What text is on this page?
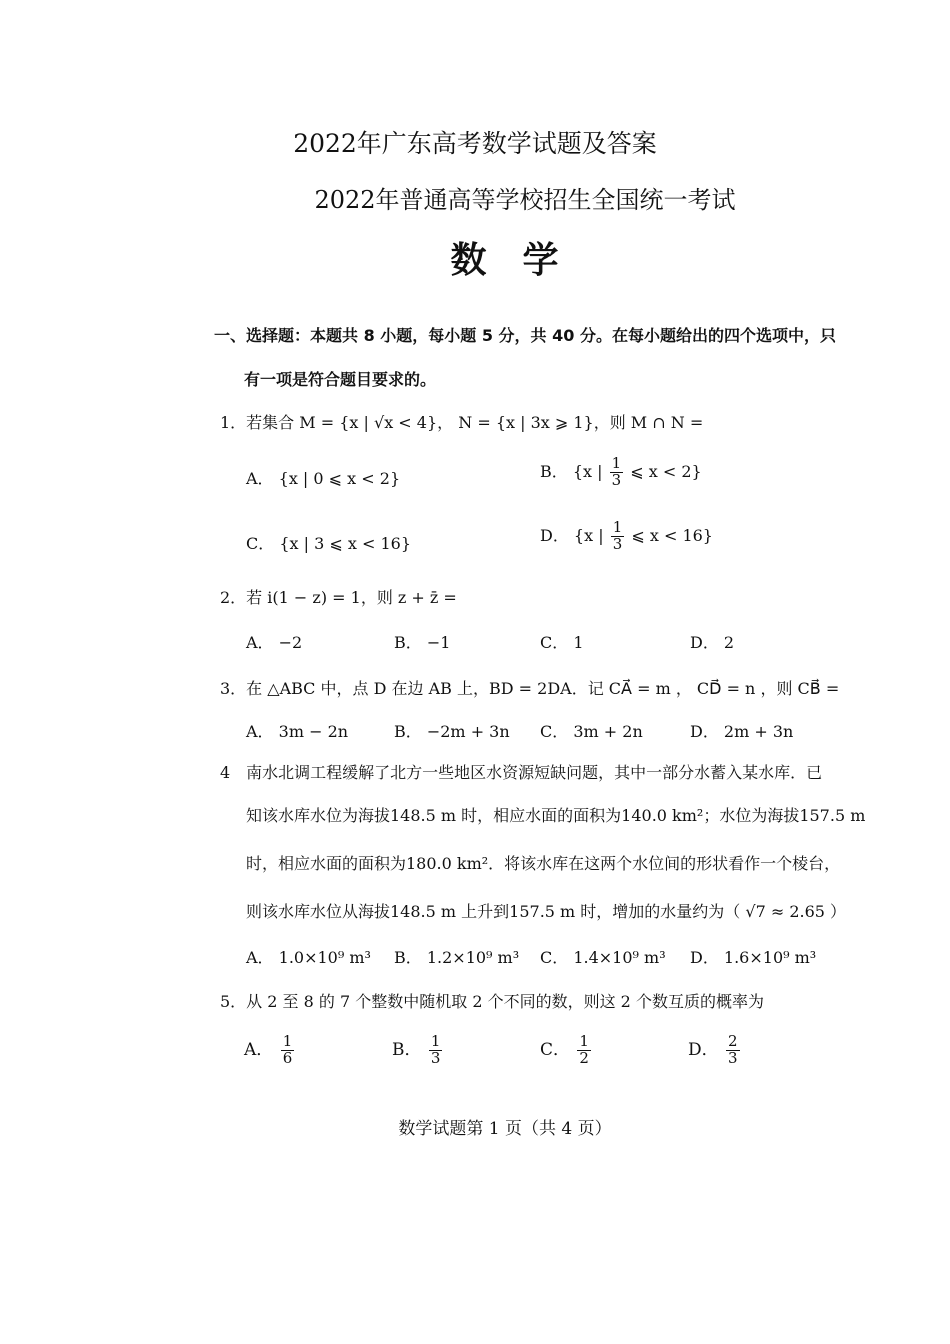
2022年广东高考数学试题及答案
2022年普通高等学校招生全国统一考试
数学
一、选择题：本题共 8 小题，每小题 5 分，共 40 分。在每小题给出的四个选项中，只
有一项是符合题目要求的。
1．若集合 M = {x | √x < 4}， N = {x | 3x ⩾ 1}，则 M ∩ N =
A． {x | 0 ⩽ x < 2}	B． {x | $\frac{1}{3}$ ⩽ x < 2}
C． {x | 3 ⩽ x < 16}	D． {x | $\frac{1}{3}$ ⩽ x < 16}
2．若 i(1 − z) = 1，则 z + z̄ =
A． −2	B． −1	C． 1	D． 2
3．在 △ABC 中，点 D 在边 AB 上，BD = 2DA．记 CA⃗ = m ， CD⃗ = n ，则 CB⃗ =
A． 3m − 2n	B． −2m + 3n C． 3m + 2n	D． 2m + 3n
4　南水北调工程缓解了北方一些地区水资源短缺问题，其中一部分水蓄入某水库．已
知该水库水位为海拔148.5 m 时，相应水面的面积为140.0 km²；水位为海拔157.5 m
时，相应水面的面积为180.0 km²．将该水库在这两个水位间的形状看作一个棱台，
则该水库水位从海拔148.5 m 上升到157.5 m 时，增加的水量约为（ √7 ≈ 2.65 ）
A． 1.0×10⁹ m³ B． 1.2×10⁹ m³ C． 1.4×10⁹ m³ D． 1.6×10⁹ m³
5．从 2 至 8 的 7 个整数中随机取 2 个不同的数，则这 2 个数互质的概率为
A． $\frac{1}{6}$	B． $\frac{1}{3}$	C． $\frac{1}{2}$	D． $\frac{2}{3}$
数学试题第 1 页（共 4 页）
